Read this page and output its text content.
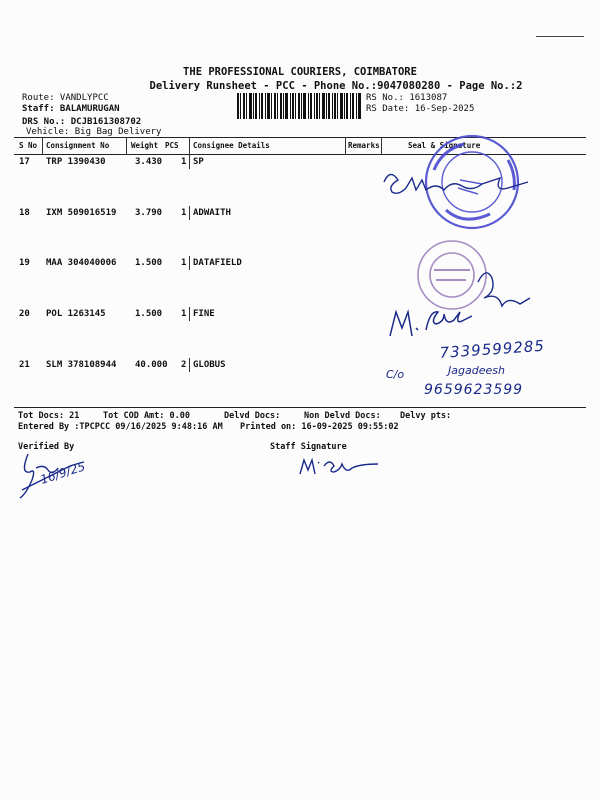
THE PROFESSIONAL COURIERS, COIMBATORE
Delivery Runsheet - PCC - Phone No.:9047080280 - Page No.:2
Route: VANDLYPCC
Staff: BALAMURUGAN
DRS No.: DCJB161308702
Vehicle: Big Bag Delivery
RS No.: 1613087
RS Date: 16-Sep-2025
S No Consignment No	Weight PCS Consignee Details	Remarks	Seal & Signature
17 TRP 1390430	3.430 1 SP
18 IXM 509016519 3.790 1 ADWAITH
19 MAA 304040006 1.500 1 DATAFIELD
20 POL 1263145	1.500 1 FINE
21 SLM 378108944 40.000 2 GLOBUS
7339599285
C/o	Jagadeesh
9659623599
Tot Docs: 21	Tot COD Amt: 0.00	Delvd Docs:	Non Delvd Docs: Delvy pts:
Entered By :TPCPCC 09/16/2025 9:48:16 AM Printed on: 16-09-2025 09:55:02
Verified By	Staff Signature
16/9/25
